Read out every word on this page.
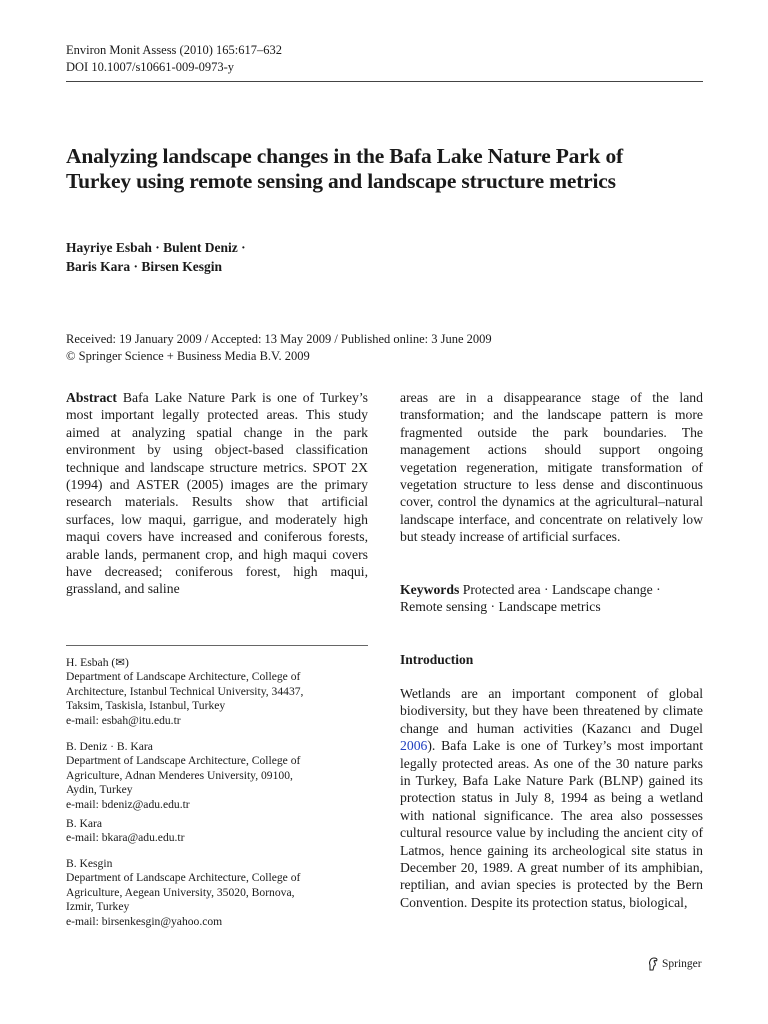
Environ Monit Assess (2010) 165:617–632
DOI 10.1007/s10661-009-0973-y
Analyzing landscape changes in the Bafa Lake Nature Park of Turkey using remote sensing and landscape structure metrics
Hayriye Esbah · Bulent Deniz ·
Baris Kara · Birsen Kesgin
Received: 19 January 2009 / Accepted: 13 May 2009 / Published online: 3 June 2009
© Springer Science + Business Media B.V. 2009

Abstract Bafa Lake Nature Park is one of Turkey’s most important legally protected areas. This study aimed at analyzing spatial change in the park environment by using object-based classification technique and landscape structure metrics. SPOT 2X (1994) and ASTER (2005) images are the primary research materials. Results show that artificial surfaces, low maqui, garrigue, and moderately high maqui covers have increased and coniferous forests, arable lands, permanent crop, and high maqui covers have decreased; coniferous forest, high maqui, grassland, and saline

areas are in a disappearance stage of the land transformation; and the landscape pattern is more fragmented outside the park boundaries. The management actions should support ongoing vegetation regeneration, mitigate transformation of vegetation structure to less dense and discontinuous cover, control the dynamics at the agricultural–natural landscape interface, and concentrate on relatively low but steady increase of artificial surfaces.

Keywords Protected area · Landscape change · Remote sensing · Landscape metrics

H. Esbah (✉)
Department of Landscape Architecture, College of
Architecture, Istanbul Technical University, 34437,
Taksim, Taskisla, Istanbul, Turkey
e-mail: esbah@itu.edu.tr
B. Deniz · B. Kara
Department of Landscape Architecture, College of
Agriculture, Adnan Menderes University, 09100,
Aydin, Turkey
e-mail: bdeniz@adu.edu.tr
B. Kara
e-mail: bkara@adu.edu.tr
B. Kesgin
Department of Landscape Architecture, College of
Agriculture, Aegean University, 35020, Bornova,
Izmir, Turkey
e-mail: birsenkesgin@yahoo.com
Introduction

Wetlands are an important component of global biodiversity, but they have been threatened by climate change and human activities (Kazancı and Dugel 2006). Bafa Lake is one of Turkey’s most important legally protected areas. As one of the 30 nature parks in Turkey, Bafa Lake Nature Park (BLNP) gained its protection status in July 8, 1994 as being a wetland with national significance. The area also possesses cultural resource value by including the ancient city of Latmos, hence gaining its archeological site status in December 20, 1989. A great number of its amphibian, reptilian, and avian species is protected by the Bern Convention. Despite its protection status, biological,

Springer
